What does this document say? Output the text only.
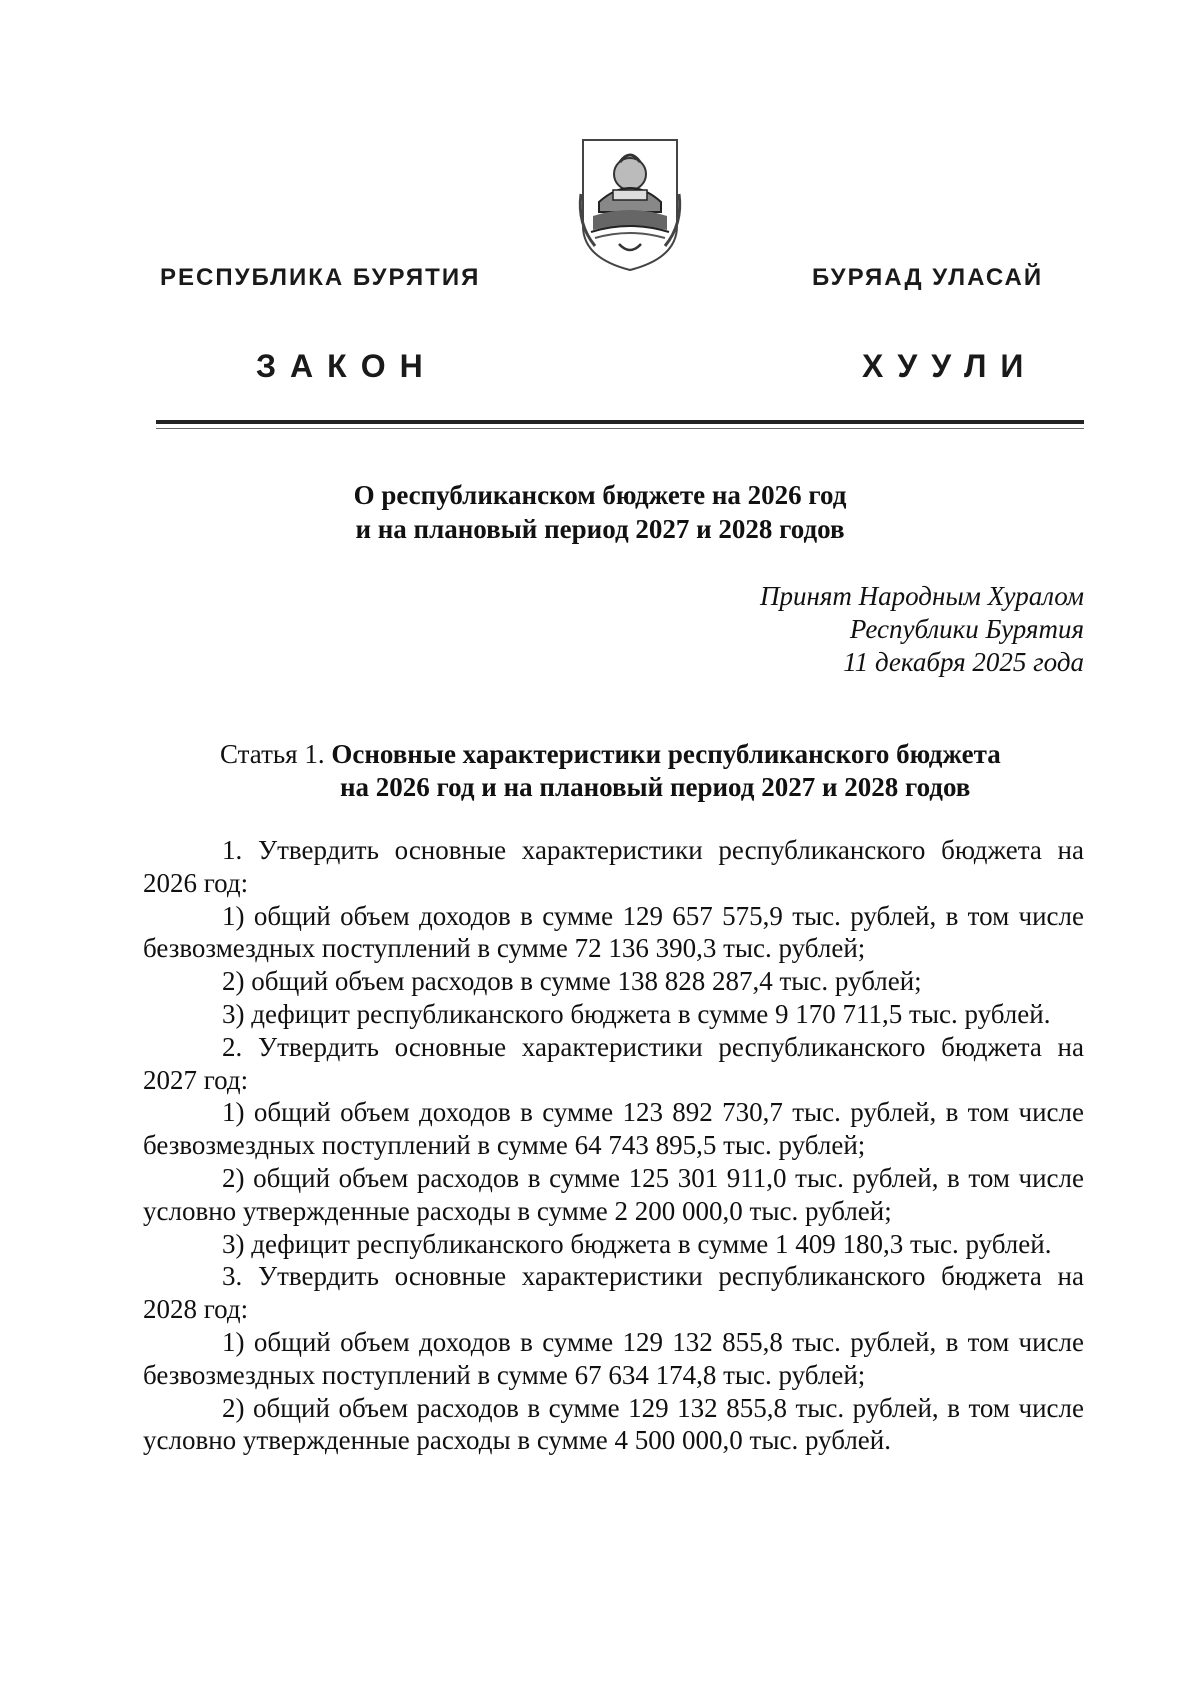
РЕСПУБЛИКА БУРЯТИЯ	БУРЯАД УЛАСАЙ
ЗАКОН	ХУУЛИ
О республиканском бюджете на 2026 год
и на плановый период 2027 и 2028 годов
Принят Народным Хуралом
Республики Бурятия
11 декабря 2025 года
Статья 1. Основные характеристики республиканского бюджета
на 2026 год и на плановый период 2027 и 2028 годов

1. Утвердить основные характеристики республиканского бюджета на 2026 год:

1) общий объем доходов в сумме 129 657 575,9 тыс. рублей, в том числе безвозмездных поступлений в сумме 72 136 390,3 тыс. рублей;

2) общий объем расходов в сумме 138 828 287,4 тыс. рублей;

3) дефицит республиканского бюджета в сумме 9 170 711,5 тыс. рублей.

2. Утвердить основные характеристики республиканского бюджета на 2027 год:

1) общий объем доходов в сумме 123 892 730,7 тыс. рублей, в том числе безвозмездных поступлений в сумме 64 743 895,5 тыс. рублей;

2) общий объем расходов в сумме 125 301 911,0 тыс. рублей, в том числе условно утвержденные расходы в сумме 2 200 000,0 тыс. рублей;

3) дефицит республиканского бюджета в сумме 1 409 180,3 тыс. рублей.

3. Утвердить основные характеристики республиканского бюджета на 2028 год:

1) общий объем доходов в сумме 129 132 855,8 тыс. рублей, в том числе безвозмездных поступлений в сумме 67 634 174,8 тыс. рублей;

2) общий объем расходов в сумме 129 132 855,8 тыс. рублей, в том числе условно утвержденные расходы в сумме 4 500 000,0 тыс. рублей.
